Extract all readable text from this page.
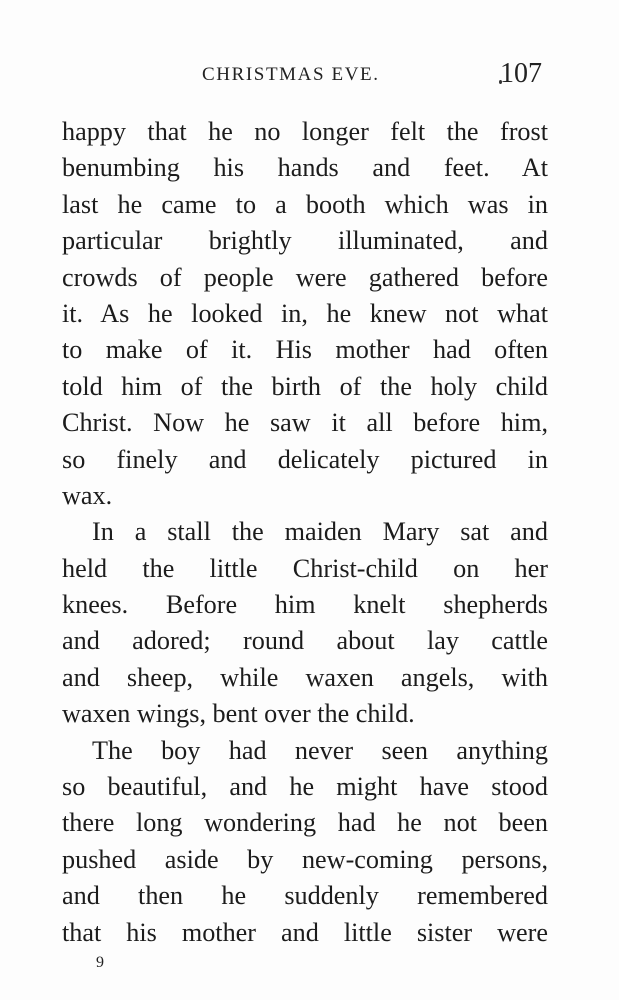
CHRISTMAS EVE.	107
happy that he no longer felt the frost
benumbing his hands and feet. At
last he came to a booth which was in
particular brightly illuminated, and
crowds of people were gathered before
it. As he looked in, he knew not what
to make of it. His mother had often
told him of the birth of the holy child
Christ. Now he saw it all before him,
so finely and delicately pictured in
wax.
In a stall the maiden Mary sat and
held the little Christ-child on her
knees. Before him knelt shepherds
and adored; round about lay cattle
and sheep, while waxen angels, with
waxen wings, bent over the child.
The boy had never seen anything
so beautiful, and he might have stood
there long wondering had he not been
pushed aside by new-coming persons,
and then he suddenly remembered
that his mother and little sister were
9
